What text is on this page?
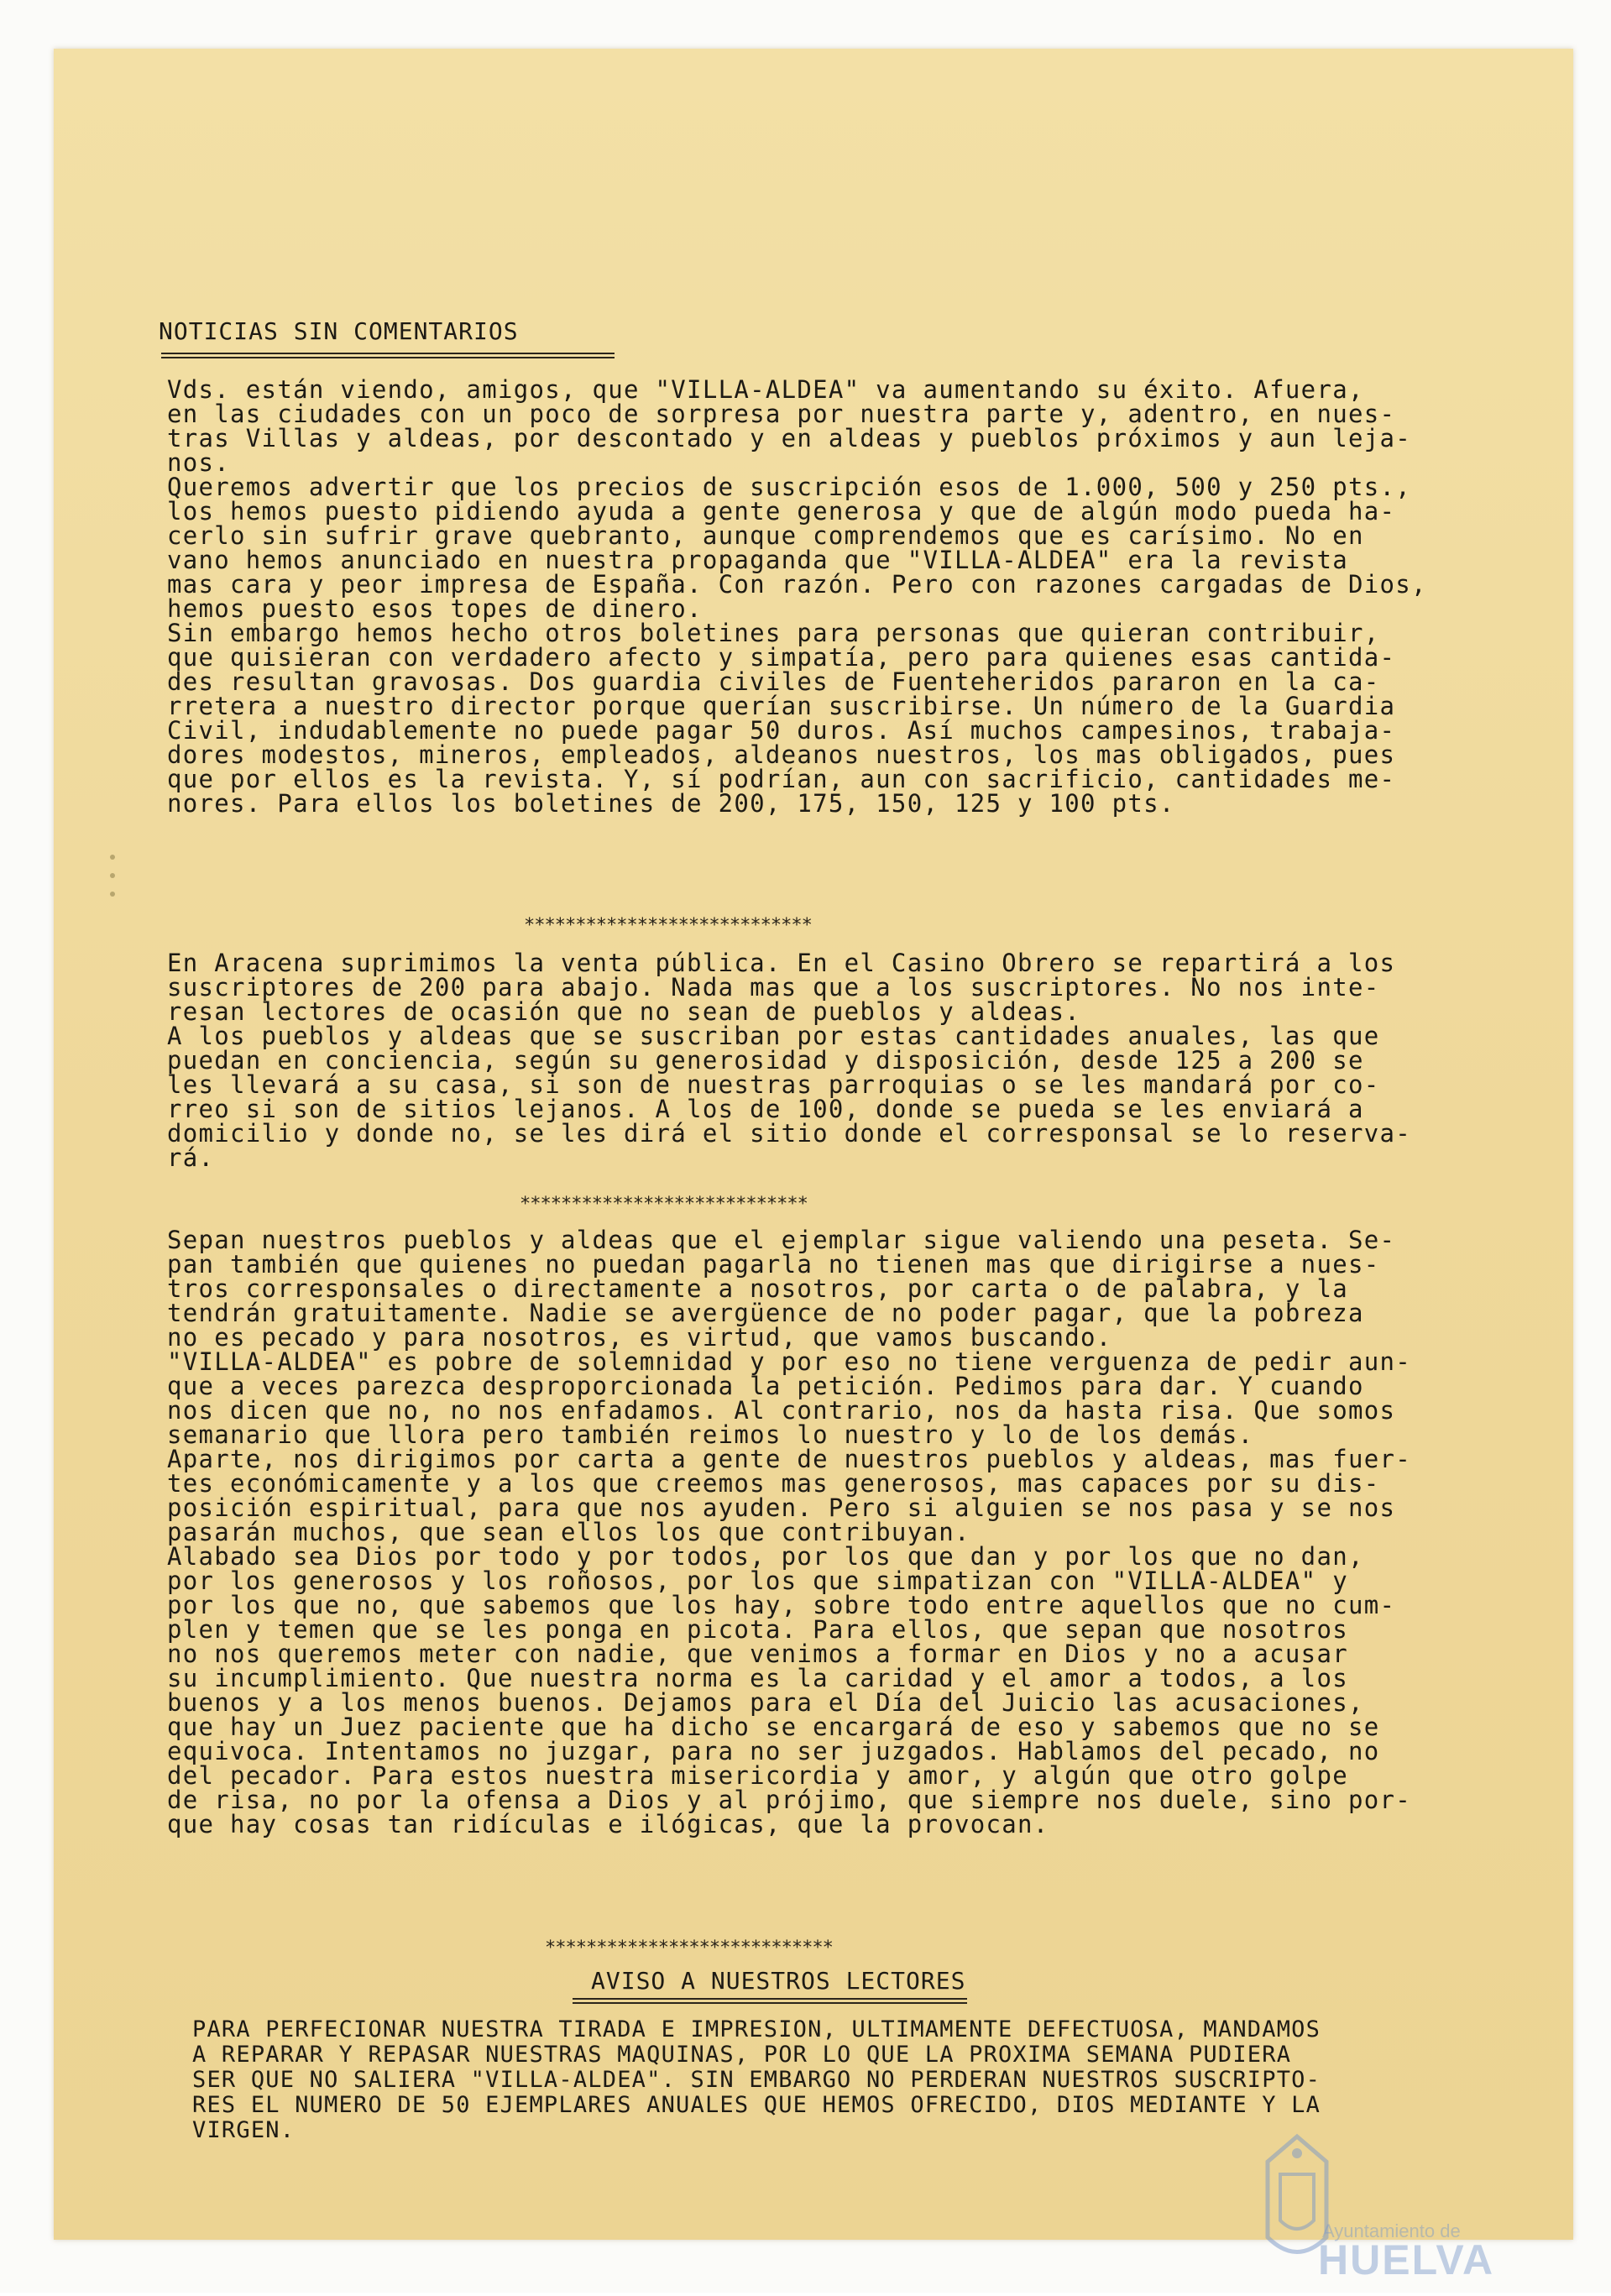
NOTICIAS SIN COMENTARIOS
Vds. están viendo, amigos, que "VILLA-ALDEA" va aumentando su éxito. Afuera,
en las ciudades con un poco de sorpresa por nuestra parte y, adentro, en nues-
tras Villas y aldeas, por descontado y en aldeas y pueblos próximos y aun leja-
nos.
Queremos advertir que los precios de suscripción esos de 1.000, 500 y 250 pts.,
los hemos puesto pidiendo ayuda a gente generosa y que de algún modo pueda ha-
cerlo sin sufrir grave quebranto, aunque comprendemos que es carísimo. No en
vano hemos anunciado en nuestra propaganda que "VILLA-ALDEA" era la revista
mas cara y peor impresa de España. Con razón. Pero con razones cargadas de Dios,
hemos puesto esos topes de dinero.
Sin embargo hemos hecho otros boletines para personas que quieran contribuir,
que quisieran con verdadero afecto y simpatía, pero para quienes esas cantida-
des resultan gravosas. Dos guardia civiles de Fuenteheridos pararon en la ca-
rretera a nuestro director porque querían suscribirse. Un número de la Guardia
Civil, indudablemente no puede pagar 50 duros. Así muchos campesinos, trabaja-
dores modestos, mineros, empleados, aldeanos nuestros, los mas obligados, pues
que por ellos es la revista. Y, sí podrían, aun con sacrificio, cantidades me-
nores. Para ellos los boletines de 200, 175, 150, 125 y 100 pts.
****************************
En Aracena suprimimos la venta pública. En el Casino Obrero se repartirá a los
suscriptores de 200 para abajo. Nada mas que a los suscriptores. No nos inte-
resan lectores de ocasión que no sean de pueblos y aldeas.
A los pueblos y aldeas que se suscriban por estas cantidades anuales, las que
puedan en conciencia, según su generosidad y disposición, desde 125 a 200 se
les llevará a su casa, si son de nuestras parroquias o se les mandará por co-
rreo si son de sitios lejanos. A los de 100, donde se pueda se les enviará a
domicilio y donde no, se les dirá el sitio donde el corresponsal se lo reserva-
rá.
****************************
Sepan nuestros pueblos y aldeas que el ejemplar sigue valiendo una peseta. Se-
pan también que quienes no puedan pagarla no tienen mas que dirigirse a nues-
tros corresponsales o directamente a nosotros, por carta o de palabra, y la
tendrán gratuitamente. Nadie se avergüence de no poder pagar, que la pobreza
no es pecado y para nosotros, es virtud, que vamos buscando.
"VILLA-ALDEA" es pobre de solemnidad y por eso no tiene verguenza de pedir aun-
que a veces parezca desproporcionada la petición. Pedimos para dar. Y cuando
nos dicen que no, no nos enfadamos. Al contrario, nos da hasta risa. Que somos
semanario que llora pero también reimos lo nuestro y lo de los demás.
Aparte, nos dirigimos por carta a gente de nuestros pueblos y aldeas, mas fuer-
tes económicamente y a los que creemos mas generosos, mas capaces por su dis-
posición espiritual, para que nos ayuden. Pero si alguien se nos pasa y se nos
pasarán muchos, que sean ellos los que contribuyan.
Alabado sea Dios por todo y por todos, por los que dan y por los que no dan,
por los generosos y los roñosos, por los que simpatizan con "VILLA-ALDEA" y
por los que no, que sabemos que los hay, sobre todo entre aquellos que no cum-
plen y temen que se les ponga en picota. Para ellos, que sepan que nosotros
no nos queremos meter con nadie, que venimos a formar en Dios y no a acusar
su incumplimiento. Que nuestra norma es la caridad y el amor a todos, a los
buenos y a los menos buenos. Dejamos para el Día del Juicio las acusaciones,
que hay un Juez paciente que ha dicho se encargará de eso y sabemos que no se
equivoca. Intentamos no juzgar, para no ser juzgados. Hablamos del pecado, no
del pecador. Para estos nuestra misericordia y amor, y algún que otro golpe
de risa, no por la ofensa a Dios y al prójimo, que siempre nos duele, sino por-
que hay cosas tan ridículas e ilógicas, que la provocan.
****************************
AVISO A NUESTROS LECTORES
PARA PERFECIONAR NUESTRA TIRADA E IMPRESION, ULTIMAMENTE DEFECTUOSA, MANDAMOS
A REPARAR Y REPASAR NUESTRAS MAQUINAS, POR LO QUE LA PROXIMA SEMANA PUDIERA
SER QUE NO SALIERA "VILLA-ALDEA". SIN EMBARGO NO PERDERAN NUESTROS SUSCRIPTO-
RES EL NUMERO DE 50 EJEMPLARES ANUALES QUE HEMOS OFRECIDO, DIOS MEDIANTE Y LA
VIRGEN.
Ayuntamiento de
HUELVA
